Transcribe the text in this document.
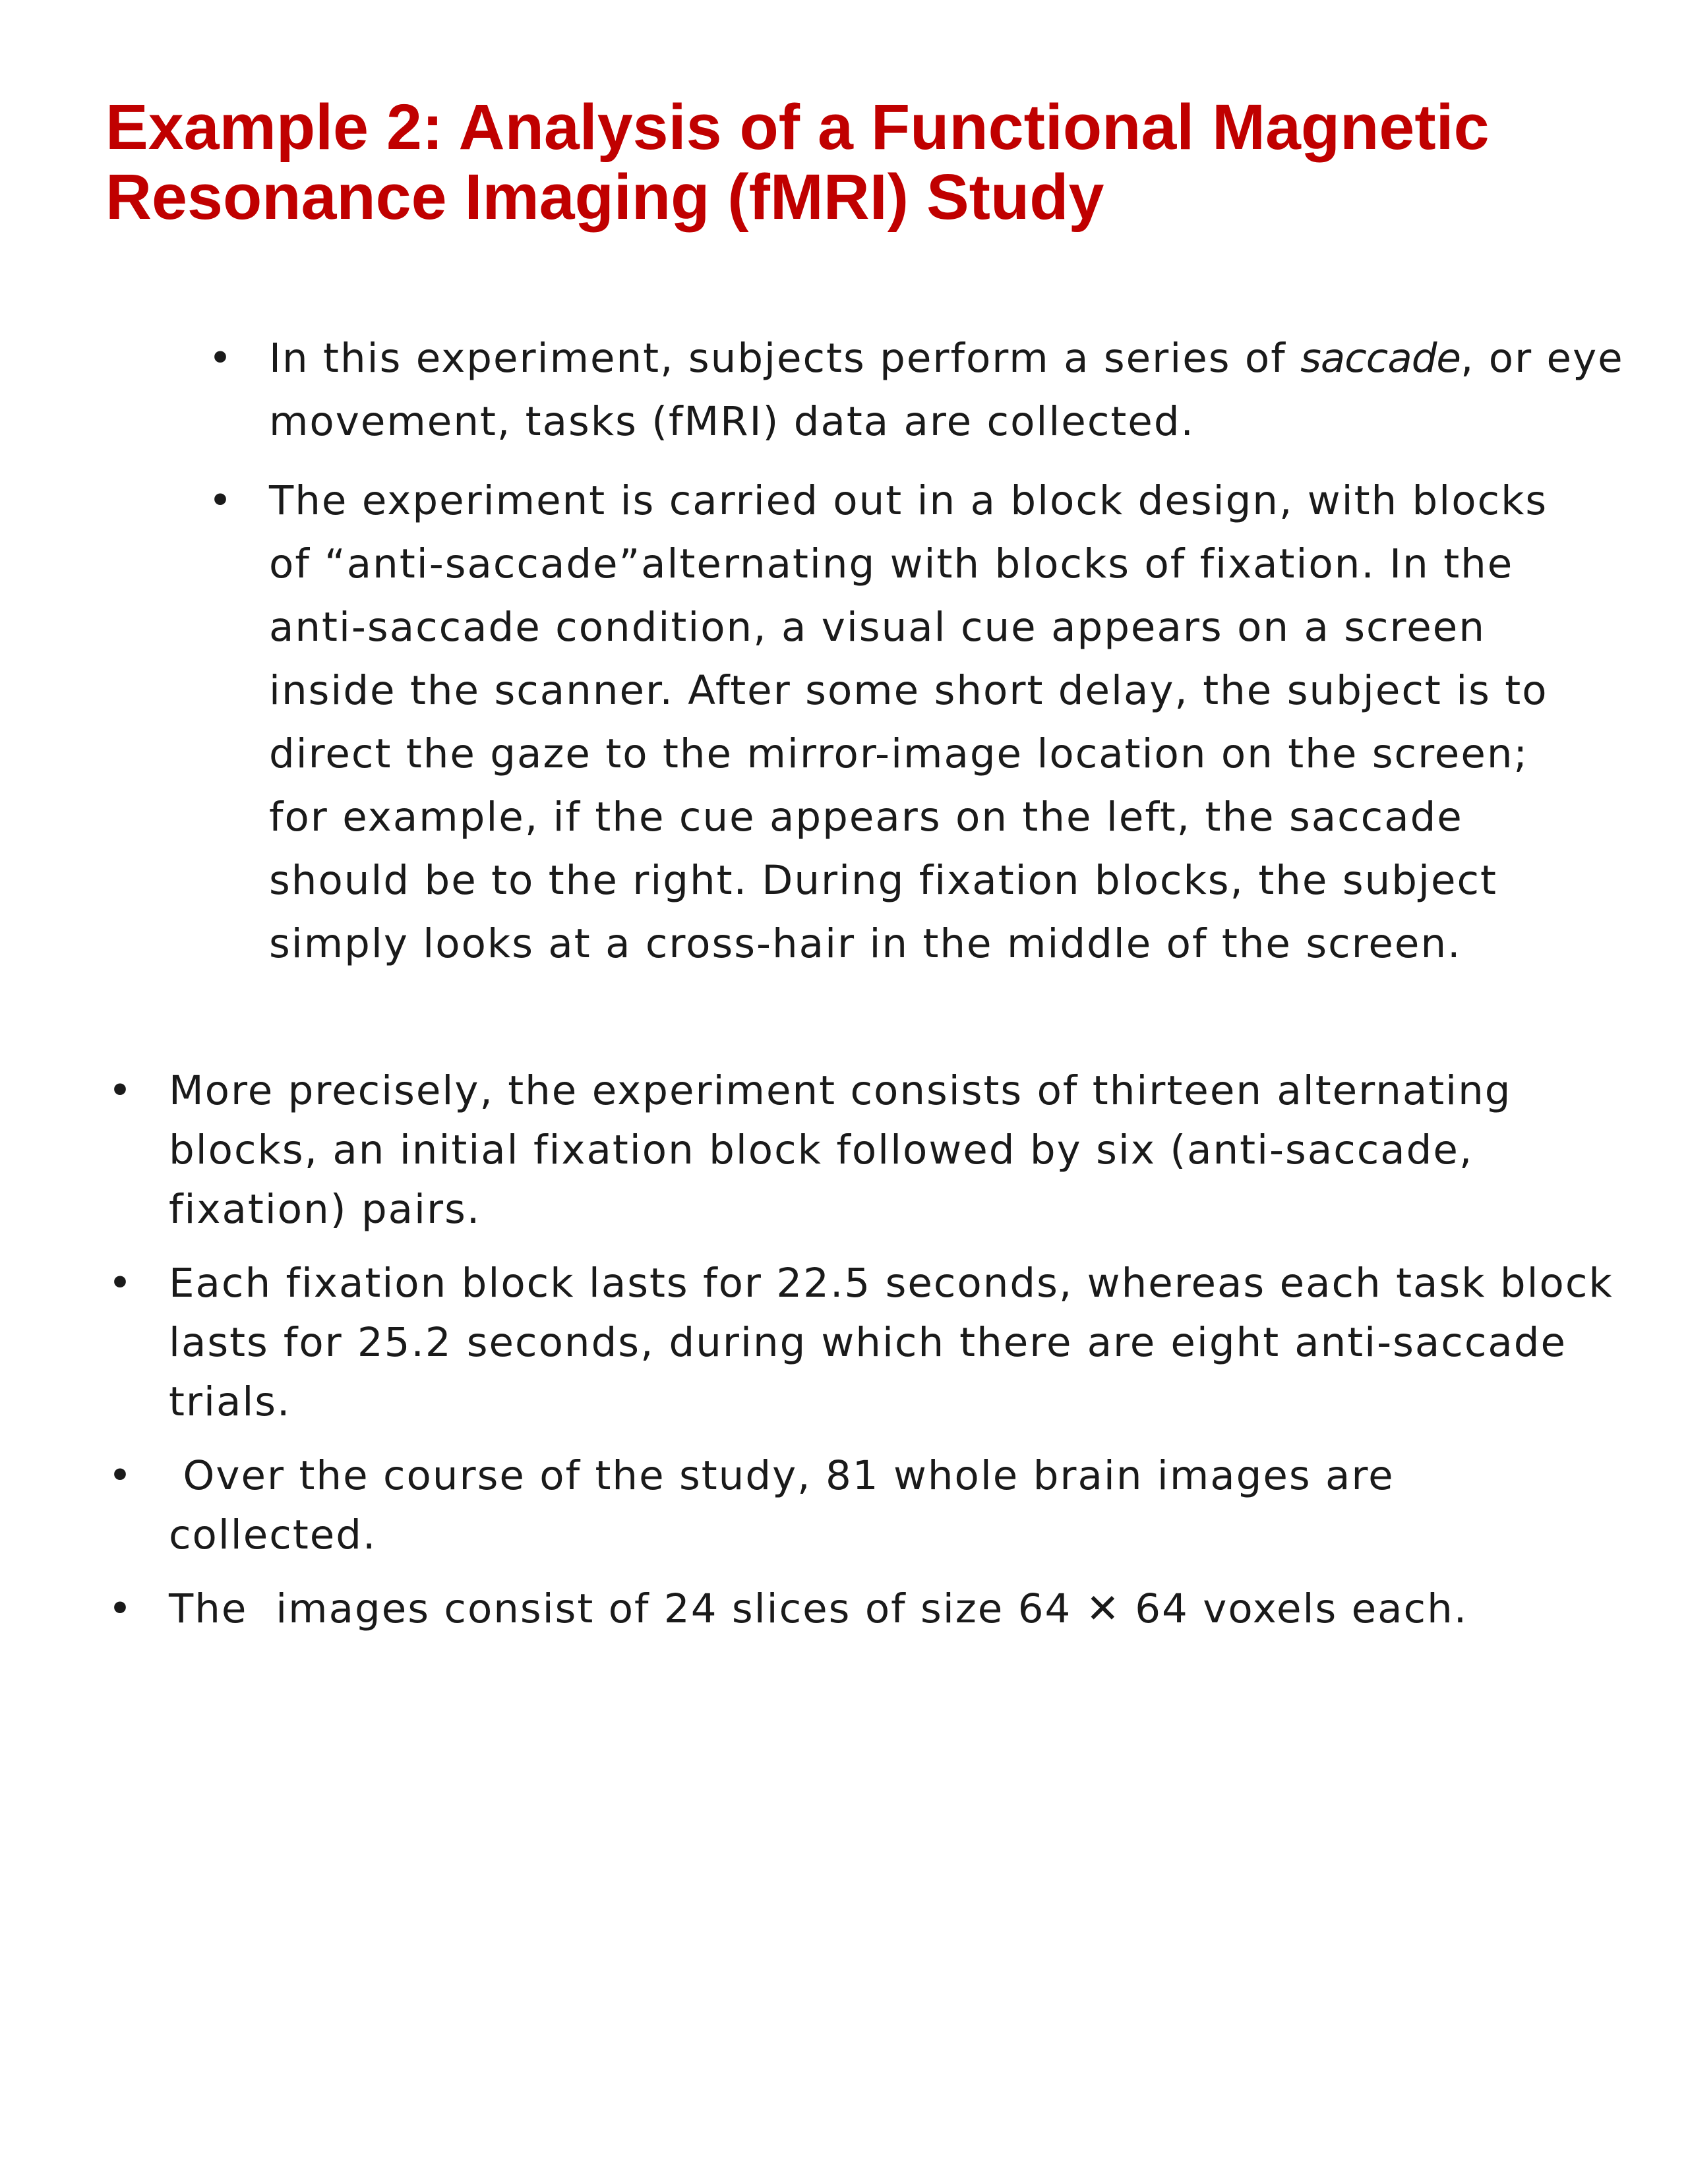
Example 2: Analysis of a Functional Magnetic
Resonance Imaging (fMRI) Study
• In this experiment, subjects perform a series of saccade, or eye
movement, tasks (fMRI) data are collected.
• The experiment is carried out in a block design, with blocks
of “anti-saccade”alternating with blocks of fixation. In the
anti-saccade condition, a visual cue appears on a screen
inside the scanner. After some short delay, the subject is to
direct the gaze to the mirror-image location on the screen;
for example, if the cue appears on the left, the saccade
should be to the right. During fixation blocks, the subject
simply looks at a cross-hair in the middle of the screen.
• More precisely, the experiment consists of thirteen alternating
blocks, an initial fixation block followed by six (anti-saccade,
fixation) pairs.
• Each fixation block lasts for 22.5 seconds, whereas each task block
lasts for 25.2 seconds, during which there are eight anti-saccade
trials.
• Over the course of the study, 81 whole brain images are
collected.
• The  images consist of 24 slices of size 64 ✕ 64 voxels each.
